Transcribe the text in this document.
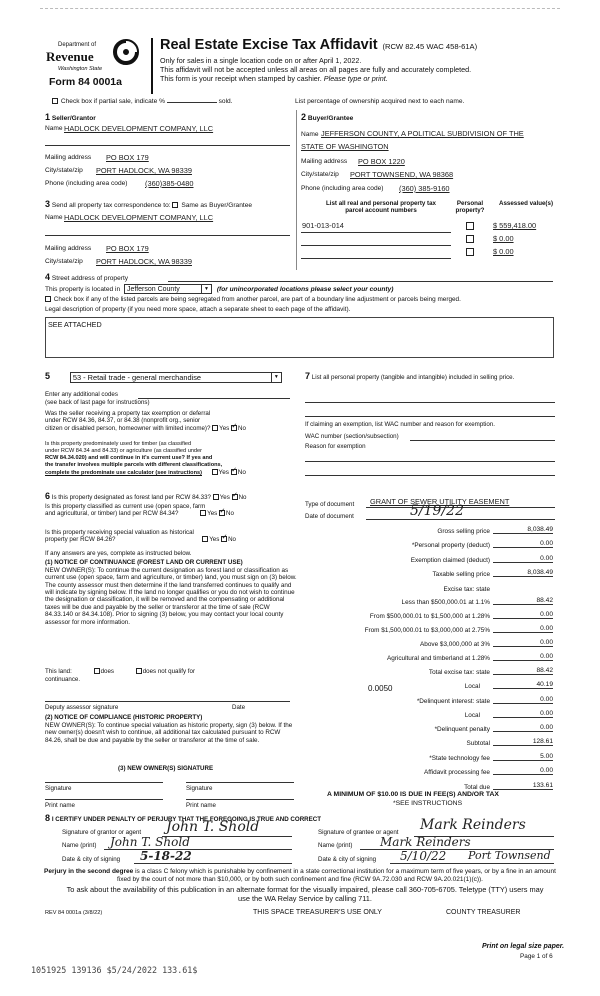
Department of
Revenue
Washington State
Form 84 0001a
Real Estate Excise Tax Affidavit (RCW 82.45 WAC 458-61A)
Only for sales in a single location code on or after April 1, 2022.
This affidavit will not be accepted unless all areas on all pages are fully and accurately completed.
This form is your receipt when stamped by cashier. Please type or print.
Check box if partial sale, indicate %	sold.	List percentage of ownership acquired next to each name.
1 Seller/Grantor
Name HADLOCK DEVELOPMENT COMPANY, LLC
Mailing address PO BOX 179
City/state/zip PORT HADLOCK, WA 98339
Phone (including area code) (360)385-0480
2 Buyer/Grantee
Name JEFFERSON COUNTY, A POLITICAL SUBDIVISION OF THE
STATE OF WASHINGTON
Mailing address PO BOX 1220
City/state/zip PORT TOWNSEND, WA 98368
Phone (including area code) (360) 385-9160
3 Send all property tax correspondence to: Same as Buyer/Grantee
Name HADLOCK DEVELOPMENT COMPANY, LLC
Mailing address PO BOX 179
City/state/zip PORT HADLOCK, WA 98339
List all real and personal property tax parcel account numbers
Personal property?
Assessed value(s)
901-013-014	$ 559,418.00
$ 0.00
$ 0.00
4 Street address of property
This property is located in Jefferson County	▼	(for unincorporated locations please select your county)
Check box if any of the listed parcels are being segregated from another parcel, are part of a boundary line adjustment or parcels being merged.
Legal description of property (if you need more space, attach a separate sheet to each page of the affidavit).
SEE ATTACHED
5	53 - Retail trade - general merchandise	▼
Enter any additional codes
(see back of last page for instructions)
Was the seller receiving a property tax exemption or deferral
under RCW 84.36, 84.37, or 84.38 (nonprofit org., senior
citizen or disabled person, homeowner with limited income)? Yes ✓ No
Is this property predominately used for timber (as classified
under RCW 84.34 and 84.33) or agriculture (as classified under
RCW 84.34.020) and will continue in it's current use? If yes and
the transfer involves multiple parcels with different classifications,
complete the predominate use calculator (see instructions)	Yes ✓ No
6 Is this property designated as forest land per RCW 84.33? Yes ✓ No
Is this property classified as current use (open space, farm
and agricultural, or timber) land per RCW 84.34?	Yes ✓ No
Is this property receiving special valuation as historical
property per RCW 84.26?	Yes ✓ No
If any answers are yes, complete as instructed below.
(1) NOTICE OF CONTINUANCE (FOREST LAND OR CURRENT USE)
NEW OWNER(S): To continue the current designation as forest land or classification as current use (open space, farm and agriculture, or timber) land, you must sign on (3) below. The county assessor must then determine if the land transferred continues to qualify and will indicate by signing below. If the land no longer qualifies or you do not wish to continue the designation or classification, it will be removed and the compensating or additional taxes will be due and payable by the seller or transferor at the time of sale (RCW 84.33.140 or 84.34.108). Prior to signing (3) below, you may contact your local county assessor for more information.
This land:	does	does not qualify for
continuance.
Deputy assessor signature	Date
(2) NOTICE OF COMPLIANCE (HISTORIC PROPERTY)
NEW OWNER(S): To continue special valuation as historic property, sign (3) below. If the new owner(s) doesn't wish to continue, all additional tax calculated pursuant to RCW 84.26, shall be due and payable by the seller or transferor at the time of sale.
(3) NEW OWNER(S) SIGNATURE
Signature	Signature
Print name	Print name
7 List all personal property (tangible and intangible) included in selling price.
If claiming an exemption, list WAC number and reason for exemption.
WAC number (section/subsection)
Reason for exemption
Type of document GRANT OF SEWER UTILITY EASEMENT
Date of document	5/19/22
Gross selling price	8,038.49
*Personal property (deduct)	0.00
Exemption claimed (deduct)	0.00
Taxable selling price	8,038.49
Excise tax: state
Less than $500,000.01 at 1.1%	88.42
From $500,000.01 to $1,500,000 at 1.28%	0.00
From $1,500,000.01 to $3,000,000 at 2.75%	0.00
Above $3,000,000 at 3%	0.00
Agricultural and timberland at 1.28%	0.00
Total excise tax: state	88.42
Local	40.19
*Delinquent interest: state	0.00
Local	0.00
*Delinquent penalty	0.00
Subtotal	128.61
*State technology fee	5.00
Affidavit processing fee	0.00
Total due	133.61
0.0050
A MINIMUM OF $10.00 IS DUE IN FEE(S) AND/OR TAX
*SEE INSTRUCTIONS
8 I CERTIFY UNDER PENALTY OF PERJURY THAT THE FOREGOING IS TRUE AND CORRECT
Signature of grantor or agent John T. Shold
Name (print) John T. Shold
Date & city of signing 5-18-22
Signature of grantee or agent Mark Reinders
Name (print) Mark Reinders
Date & city of signing 5/10/22 Port Townsend
Perjury in the second degree is a class C felony which is punishable by confinement in a state correctional institution for a maximum term of five years, or by a fine in an amount fixed by the court of not more than $10,000, or by both such confinement and fine (RCW 9A.72.030 and RCW 9A.20.021(1)(c)).
To ask about the availability of this publication in an alternate format for the visually impaired, please call 360-705-6705. Teletype (TTY) users may use the WA Relay Service by calling 711.
REV 84 0001a (3/8/22)	THIS SPACE TREASURER'S USE ONLY	COUNTY TREASURER
Print on legal size paper.
Page 1 of 6
1051925 139136 $5/24/2022 133.61$
